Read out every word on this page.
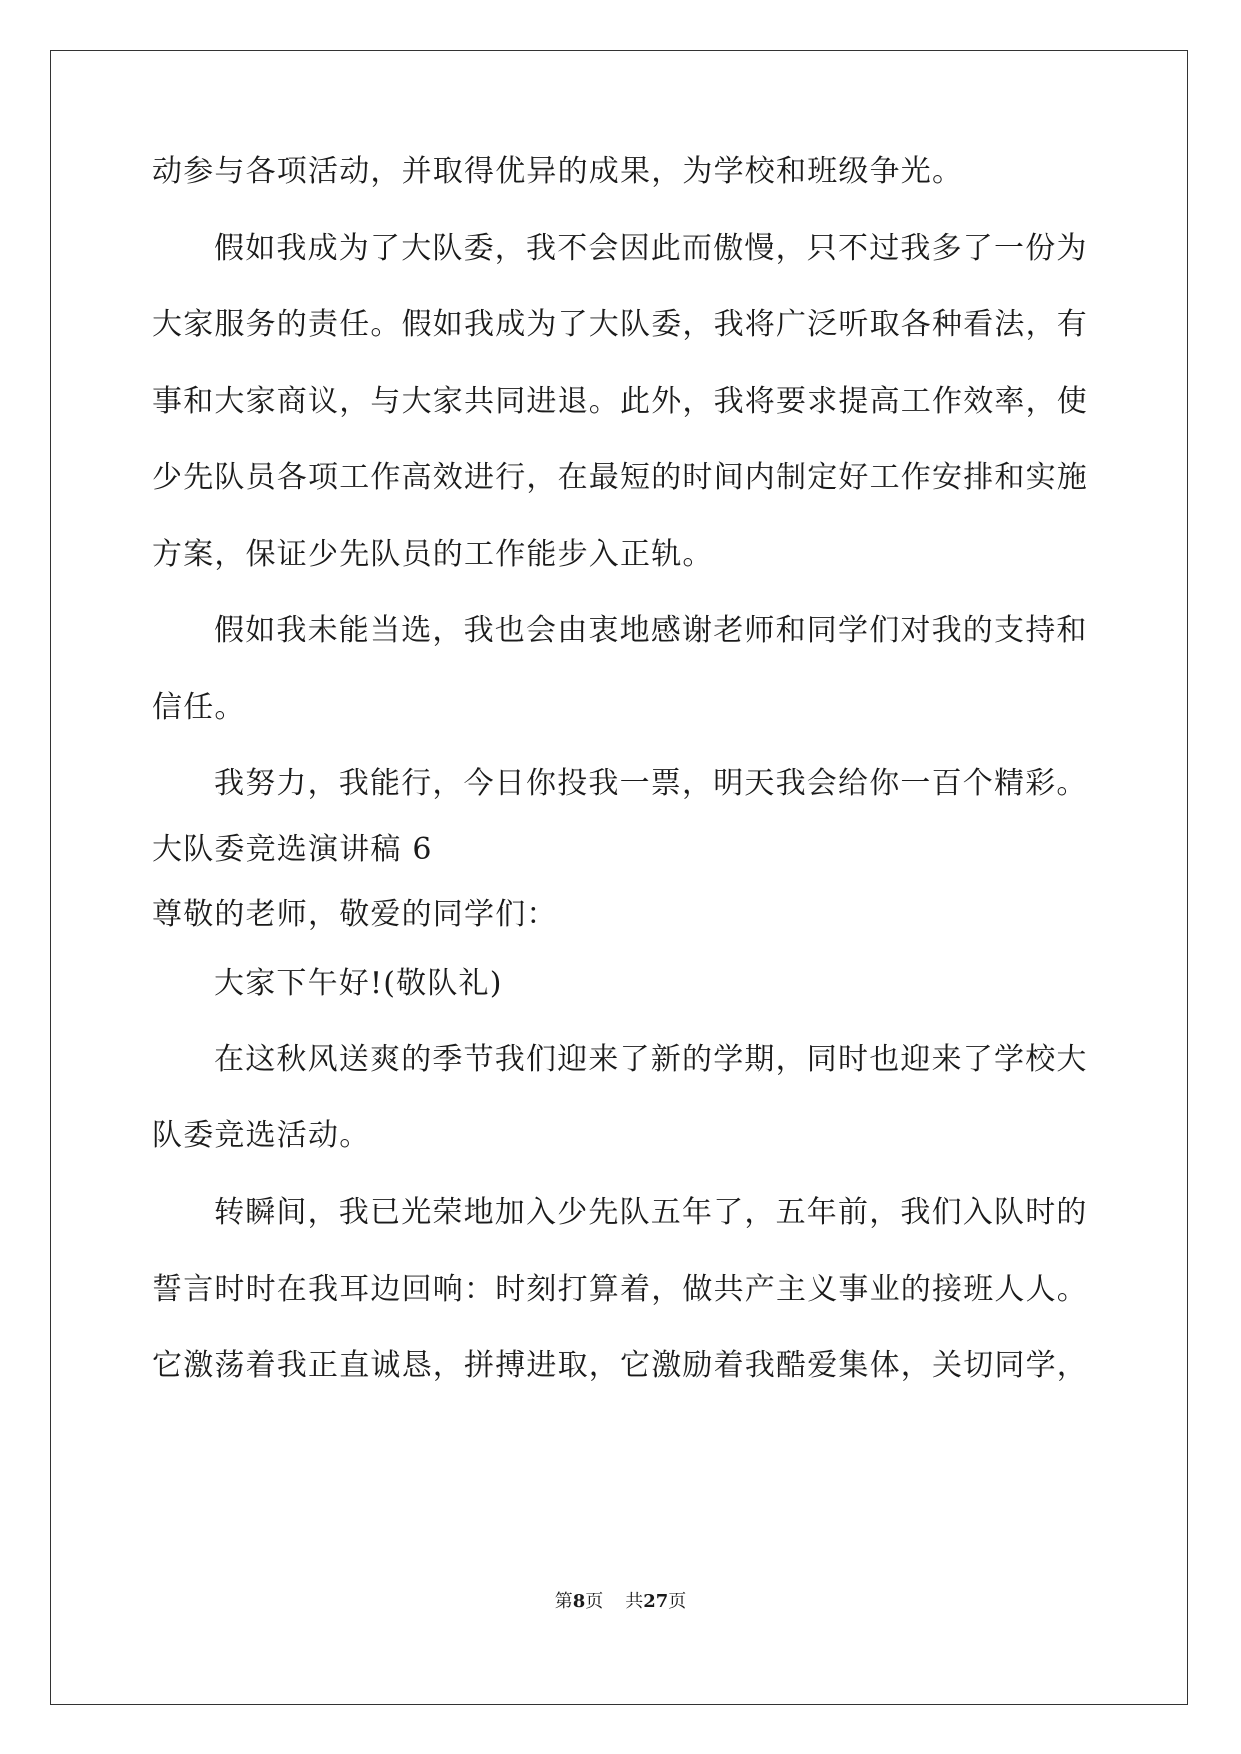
动参与各项活动，并取得优异的成果，为学校和班级争光。
假如我成为了大队委，我不会因此而傲慢，只不过我多了一份为
大家服务的责任。假如我成为了大队委，我将广泛听取各种看法，有
事和大家商议，与大家共同进退。此外，我将要求提高工作效率，使
少先队员各项工作高效进行，在最短的时间内制定好工作安排和实施
方案，保证少先队员的工作能步入正轨。
假如我未能当选，我也会由衷地感谢老师和同学们对我的支持和
信任。
我努力，我能行，今日你投我一票，明天我会给你一百个精彩。
大队委竞选演讲稿 6
尊敬的老师，敬爱的同学们：
大家下午好!(敬队礼)
在这秋风送爽的季节我们迎来了新的学期，同时也迎来了学校大
队委竞选活动。
转瞬间，我已光荣地加入少先队五年了，五年前，我们入队时的
誓言时时在我耳边回响：时刻打算着，做共产主义事业的接班人人。
它激荡着我正直诚恳，拼搏进取，它激励着我酷爱集体，关切同学，
第8页 共27页
